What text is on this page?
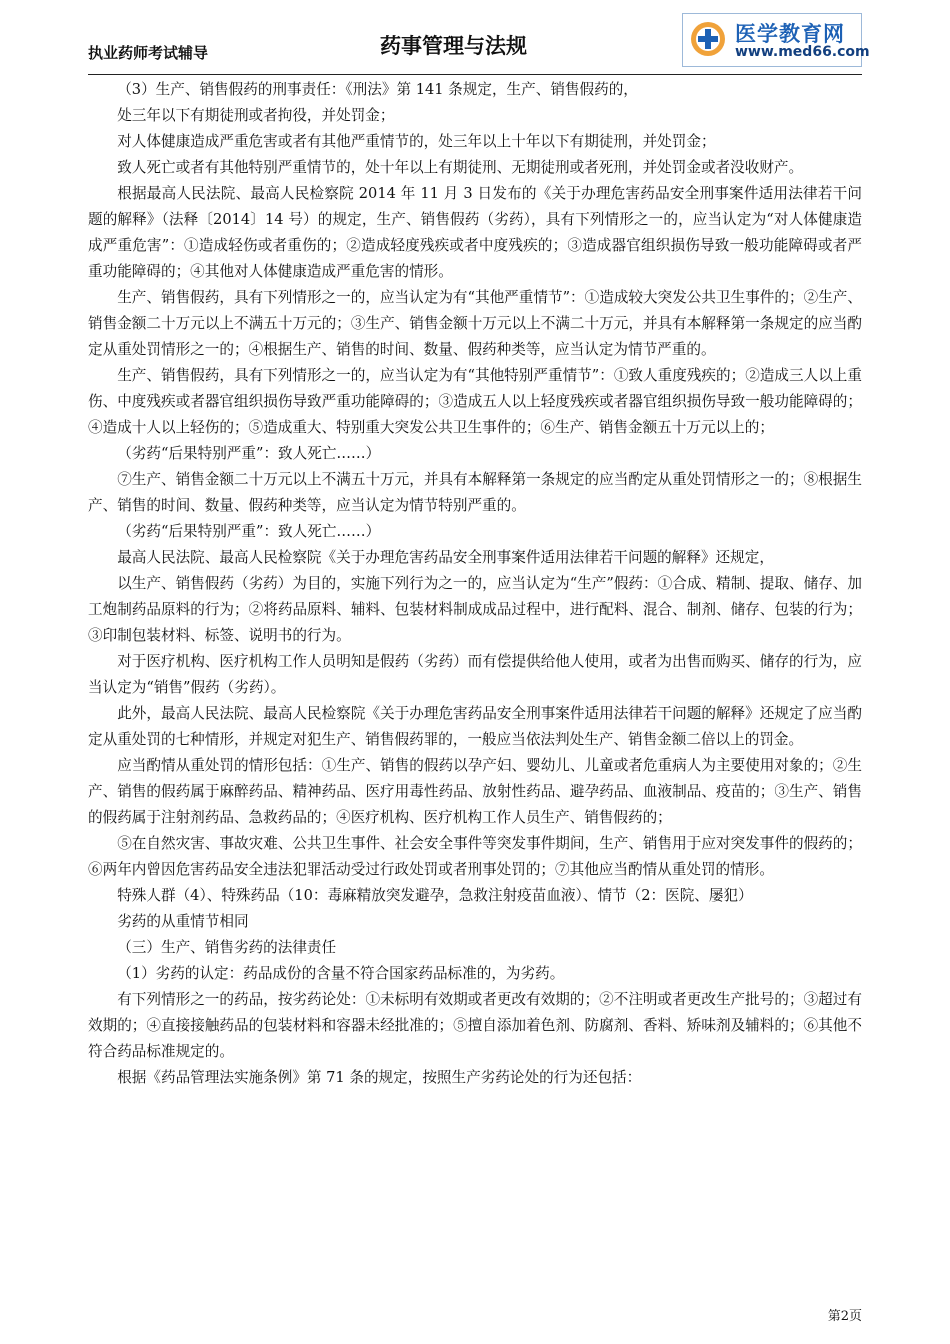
执业药师考试辅导	药事管理与法规	医学教育网
www.med66.com

（3）生产、销售假药的刑事责任：《刑法》第 141 条规定，生产、销售假药的，

处三年以下有期徒刑或者拘役，并处罚金；

对人体健康造成严重危害或者有其他严重情节的，处三年以上十年以下有期徒刑，并处罚金；

致人死亡或者有其他特别严重情节的，处十年以上有期徒刑、无期徒刑或者死刑，并处罚金或者没收财产。

根据最高人民法院、最高人民检察院 2014 年 11 月 3 日发布的《关于办理危害药品安全刑事案件适用法律若干问题的解释》（法释〔2014〕14 号）的规定，生产、销售假药（劣药），具有下列情形之一的，应当认定为“对人体健康造成严重危害”：①造成轻伤或者重伤的；②造成轻度残疾或者中度残疾的；③造成器官组织损伤导致一般功能障碍或者严重功能障碍的；④其他对人体健康造成严重危害的情形。

生产、销售假药，具有下列情形之一的，应当认定为有“其他严重情节”：①造成较大突发公共卫生事件的；②生产、销售金额二十万元以上不满五十万元的；③生产、销售金额十万元以上不满二十万元，并具有本解释第一条规定的应当酌定从重处罚情形之一的；④根据生产、销售的时间、数量、假药种类等，应当认定为情节严重的。

生产、销售假药，具有下列情形之一的，应当认定为有“其他特别严重情节”：①致人重度残疾的；②造成三人以上重伤、中度残疾或者器官组织损伤导致严重功能障碍的；③造成五人以上轻度残疾或者器官组织损伤导致一般功能障碍的；④造成十人以上轻伤的；⑤造成重大、特别重大突发公共卫生事件的；⑥生产、销售金额五十万元以上的；

（劣药“后果特别严重”：致人死亡……）

⑦生产、销售金额二十万元以上不满五十万元，并具有本解释第一条规定的应当酌定从重处罚情形之一的；⑧根据生产、销售的时间、数量、假药种类等，应当认定为情节特别严重的。

（劣药“后果特别严重”：致人死亡……）

最高人民法院、最高人民检察院《关于办理危害药品安全刑事案件适用法律若干问题的解释》还规定，

以生产、销售假药（劣药）为目的，实施下列行为之一的，应当认定为“生产”假药：①合成、精制、提取、储存、加工炮制药品原料的行为；②将药品原料、辅料、包装材料制成成品过程中，进行配料、混合、制剂、储存、包装的行为；③印制包装材料、标签、说明书的行为。

对于医疗机构、医疗机构工作人员明知是假药（劣药）而有偿提供给他人使用，或者为出售而购买、储存的行为，应当认定为“销售”假药（劣药）。

此外，最高人民法院、最高人民检察院《关于办理危害药品安全刑事案件适用法律若干问题的解释》还规定了应当酌定从重处罚的七种情形，并规定对犯生产、销售假药罪的，一般应当依法判处生产、销售金额二倍以上的罚金。

应当酌情从重处罚的情形包括：①生产、销售的假药以孕产妇、婴幼儿、儿童或者危重病人为主要使用对象的；②生产、销售的假药属于麻醉药品、精神药品、医疗用毒性药品、放射性药品、避孕药品、血液制品、疫苗的；③生产、销售的假药属于注射剂药品、急救药品的；④医疗机构、医疗机构工作人员生产、销售假药的；

⑤在自然灾害、事故灾难、公共卫生事件、社会安全事件等突发事件期间，生产、销售用于应对突发事件的假药的；⑥两年内曾因危害药品安全违法犯罪活动受过行政处罚或者刑事处罚的；⑦其他应当酌情从重处罚的情形。

特殊人群（4）、特殊药品（10：毒麻精放突发避孕，急救注射疫苗血液）、情节（2：医院、屡犯）

劣药的从重情节相同

（三）生产、销售劣药的法律责任

（1）劣药的认定：药品成份的含量不符合国家药品标准的，为劣药。

有下列情形之一的药品，按劣药论处：①未标明有效期或者更改有效期的；②不注明或者更改生产批号的；③超过有效期的；④直接接触药品的包装材料和容器未经批准的；⑤擅自添加着色剂、防腐剂、香料、矫味剂及辅料的；⑥其他不符合药品标准规定的。

根据《药品管理法实施条例》第 71 条的规定，按照生产劣药论处的行为还包括：

第2页
